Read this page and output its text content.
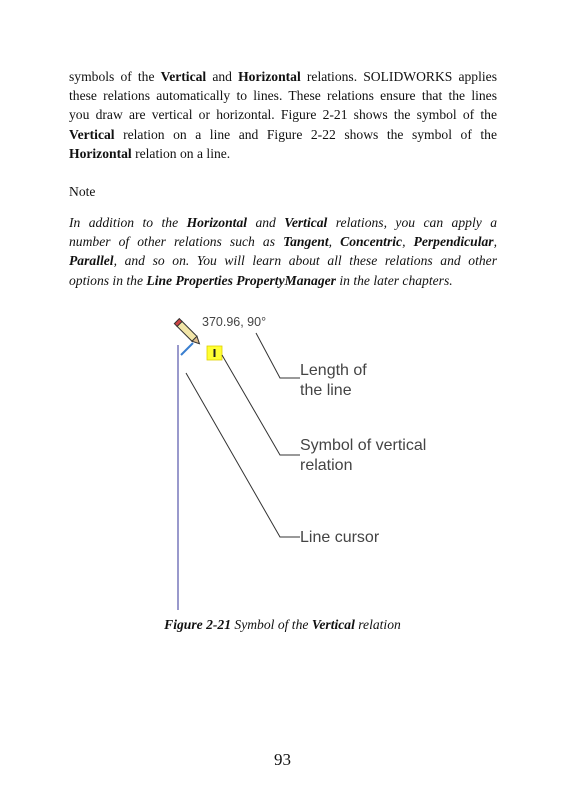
symbols of the Vertical and Horizontal relations. SOLIDWORKS applies
these relations automatically to lines. These relations ensure that the lines
you draw are vertical or horizontal. Figure 2-21 shows the symbol of the
Vertical relation on a line and Figure 2-22 shows the symbol of the
Horizontal relation on a line.

Note

In addition to the Horizontal and Vertical relations, you can apply a
number of other relations such as Tangent, Concentric, Perpendicular,
Parallel, and so on. You will learn about all these relations and other
options in the Line Properties PropertyManager in the later chapters.

370.96, 90°
Length of
the line
Symbol of vertical
relation
Line cursor

Figure 2-21 Symbol of the Vertical relation

93
